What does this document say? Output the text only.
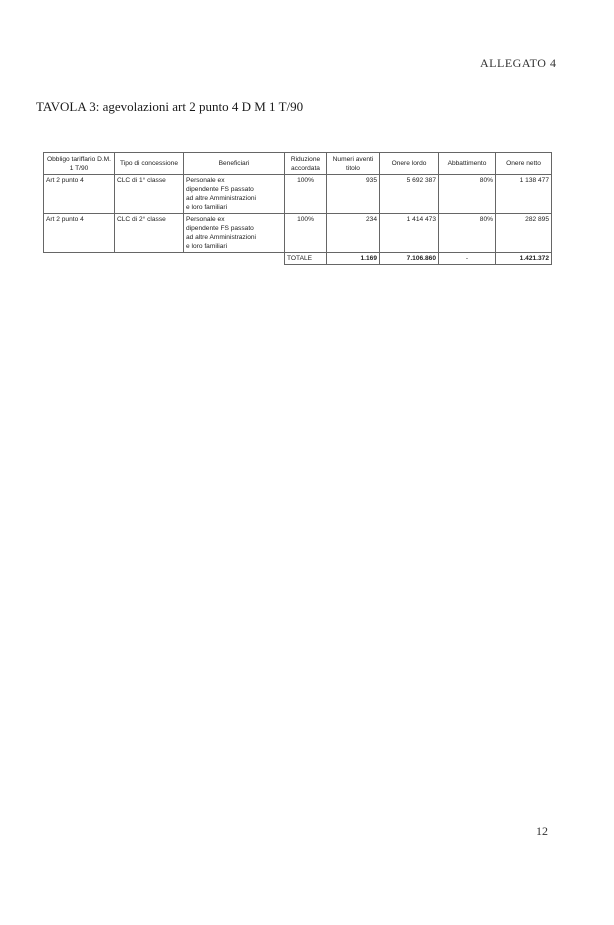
ALLEGATO 4
TAVOLA 3: agevolazioni art 2 punto 4 D M 1 T/90
Obbligo tariffario D.M. 1 T/90	Tipo di concessione	Beneficiari	Riduzione accordata	Numeri aventi titolo	Onere lordo	Abbattimento	Onere netto
Art 2 punto 4	CLC di 1° classe	Personale ex
dipendente FS passato
ad altre Amministrazioni
e loro familiari	100%	935	5 692 387	80%	1 138 477
Art 2 punto 4	CLC di 2° classe	Personale ex
dipendente FS passato
ad altre Amministrazioni
e loro familiari	100%	234	1 414 473	80%	282 895
			TOTALE	1.169	7.106.860	-	1.421.372
12
